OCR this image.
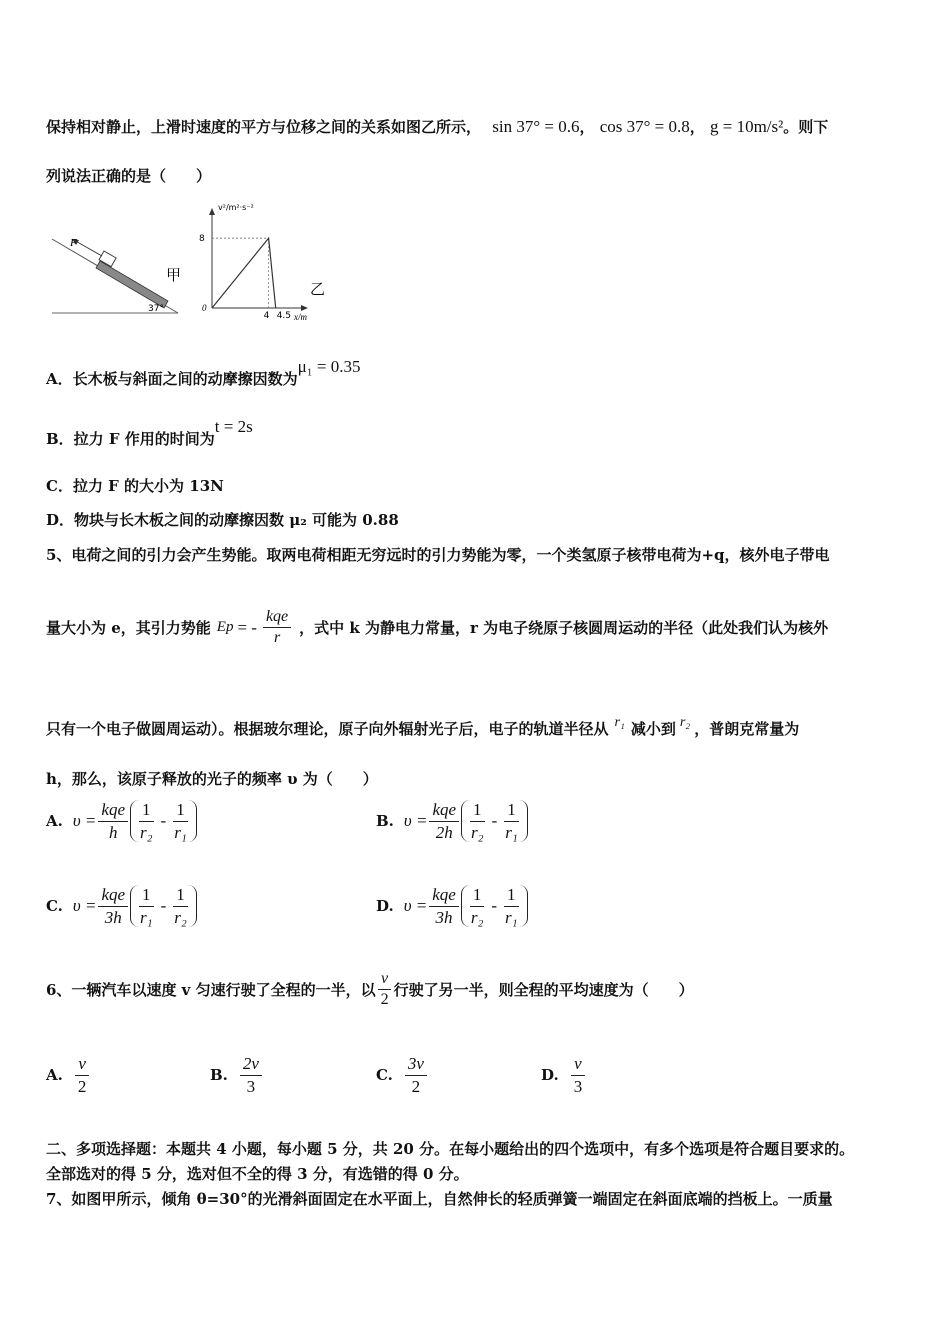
保持相对静止，上滑时速度的平方与位移之间的关系如图乙所示， sin 37° = 0.6， cos 37° = 0.8， g = 10m/s²。则下
列说法正确的是（　　）
F
甲
37°
v²/m²·s⁻²
x/m
0
8
4 4.5
乙
A．长木板与斜面之间的动摩擦因数为μ₁ = 0.35
B．拉力 F 作用的时间为t = 2s
C．拉力 F 的大小为 13N
D．物块与长木板之间的动摩擦因数 μ₂ 可能为 0.88
5、电荷之间的引力会产生势能。取两电荷相距无穷远时的引力势能为零，一个类氢原子核带电荷为+q，核外电子带电
量大小为 e，其引力势能 Ep = - $\frac{\text{kqe}}{r}$ ，式中 k 为静电力常量，r 为电子绕原子核圆周运动的半径（此处我们认为核外
只有一个电子做圆周运动）。根据玻尔理论，原子向外辐射光子后，电子的轨道半径从 r₁ 减小到 r₂ ，普朗克常量为
h，那么，该原子释放的光子的频率 υ 为（　　）
A. $\upsilon = \frac{\text{kqe}}{h} \frac{1}{\text{r₂}} - \frac{1}{\text{r₁}}$	B. $\upsilon = \frac{\text{kqe}}{2h} \frac{1}{\text{r₂}} - \frac{1}{\text{r₁}}$
C. $\upsilon = \frac{\text{kqe}}{3h} \frac{1}{\text{r₁}} - \frac{1}{\text{r₂}}$	D. $\upsilon = \frac{\text{kqe}}{3h} \frac{1}{\text{r₂}} - \frac{1}{\text{r₁}}$
6、一辆汽车以速度 v 匀速行驶了全程的一半，以 $\frac{v}{2}$ 行驶了另一半，则全程的平均速度为（　　）
A. $\frac{v}{2}$	B. $\frac{2v}{3}$	C. $\frac{3v}{2}$	D. $\frac{v}{3}$
二、多项选择题：本题共 4 小题，每小题 5 分，共 20 分。在每小题给出的四个选项中，有多个选项是符合题目要求的。
全部选对的得 5 分，选对但不全的得 3 分，有选错的得 0 分。
7、如图甲所示，倾角 θ=30°的光滑斜面固定在水平面上，自然伸长的轻质弹簧一端固定在斜面底端的挡板上。一质量
